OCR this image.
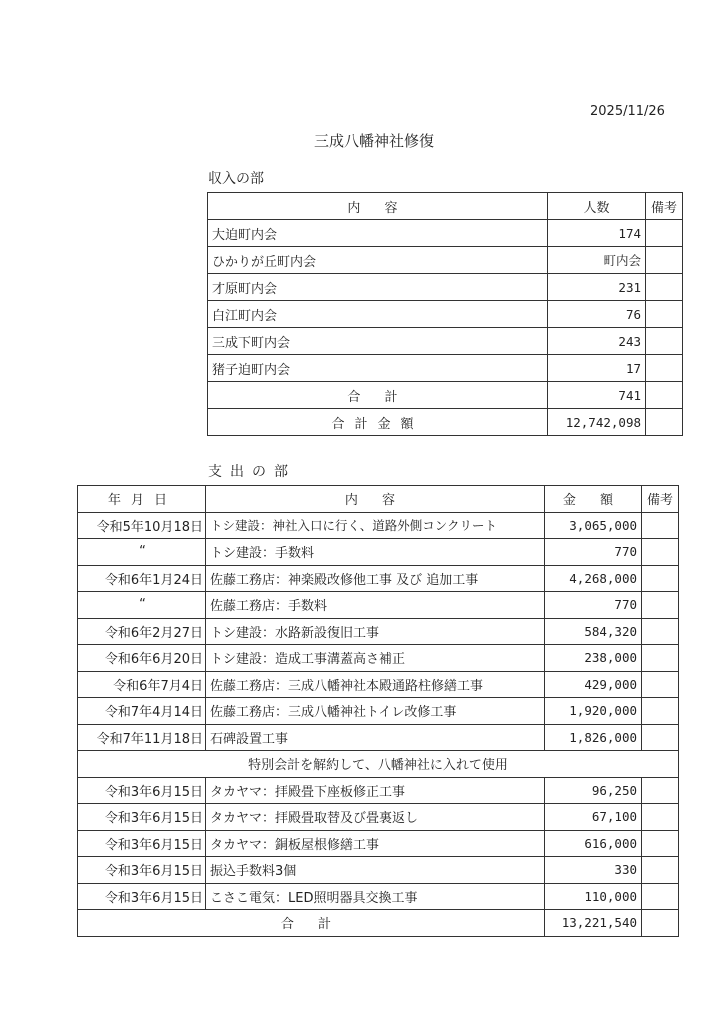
2025/11/26
三成八幡神社修復
収入の部
内 容	人数	備考
大迫町内会	174	
ひかりが丘町内会	町内会	
才原町内会	231	
白江町内会	76	
三成下町内会	243	
猪子迫町内会	17	
合 計	741	
合計金額	12,742,098	
支出の部
年月日	内 容	金 額	備考
令和5年10月18日	トシ建設：神社入口に行く、道路外側コンクリート	3,065,000	
“	トシ建設：手数料	770	
令和6年1月24日	佐藤工務店：神楽殿改修他工事 及び 追加工事	4,268,000	
“	佐藤工務店：手数料	770	
令和6年2月27日	トシ建設：水路新設復旧工事	584,320	
令和6年6月20日	トシ建設：造成工事溝蓋高さ補正	238,000	
令和6年7月4日	佐藤工務店：三成八幡神社本殿通路柱修繕工事	429,000	
令和7年4月14日	佐藤工務店：三成八幡神社トイレ改修工事	1,920,000	
令和7年11月18日	石碑設置工事	1,826,000	
特別会計を解約して、八幡神社に入れて使用			
令和3年6月15日	タカヤマ：拝殿畳下座板修正工事	96,250	
令和3年6月15日	タカヤマ：拝殿畳取替及び畳裏返し	67,100	
令和3年6月15日	タカヤマ：銅板屋根修繕工事	616,000	
令和3年6月15日	振込手数料3個	330	
令和3年6月15日	こさこ電気：LED照明器具交換工事	110,000	
合 計		13,221,540	
